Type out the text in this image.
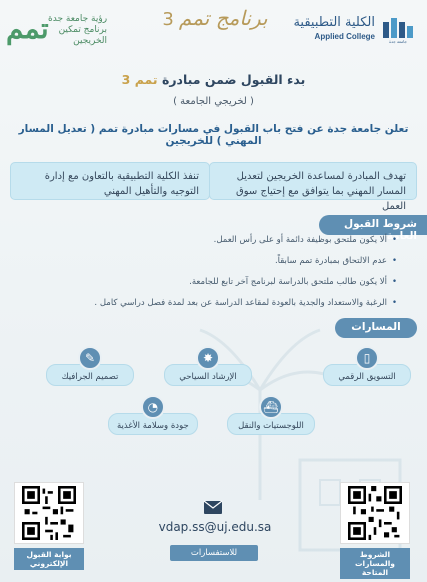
جامعة جدة
الكلية التطبيقية
Applied College
برنامج تمم 3
تمم رؤية جامعة جدة
برنامج تمكين
الخريجين
بدء القبول ضمن مبادرة تمم 3
( لخريجي الجامعة )
تعلن جامعة جدة عن فتح باب القبول في مسارات مبادرة تمم ( تعديل المسار المهني ) للخريجين
تهدف المبادرة لمساعدة الخريجين لتعديل المسار المهني بما يتوافق مع إحتياج سوق العمل
تنفذ الكلية التطبيقية بالتعاون مع إدارة التوجيه والتأهيل المهني
شروط القبول العامة
• ألا يكون ملتحق بوظيفة دائمة أو على رأس العمل.
• عدم الالتحاق بمبادرة تمم سابقاً.
• ألا يكون طالب ملتحق بالدراسة لبرنامج آخر تابع للجامعة.
• الرغبة والاستعداد والجدية بالعودة لمقاعد الدراسة عن بعد لمدة فصل دراسي كامل .
المسارات
▯
التسويق الرقمي
✸
الإرشاد السياحي
✎
تصميم الجرافيك
⛴
اللوجستيات والنقل
◔
جودة وسلامة الأغذية
بوابة القبول الإلكتروني
الشروط والمسارات المتاحة
vdap.ss@uj.edu.sa
للاستفسارات
